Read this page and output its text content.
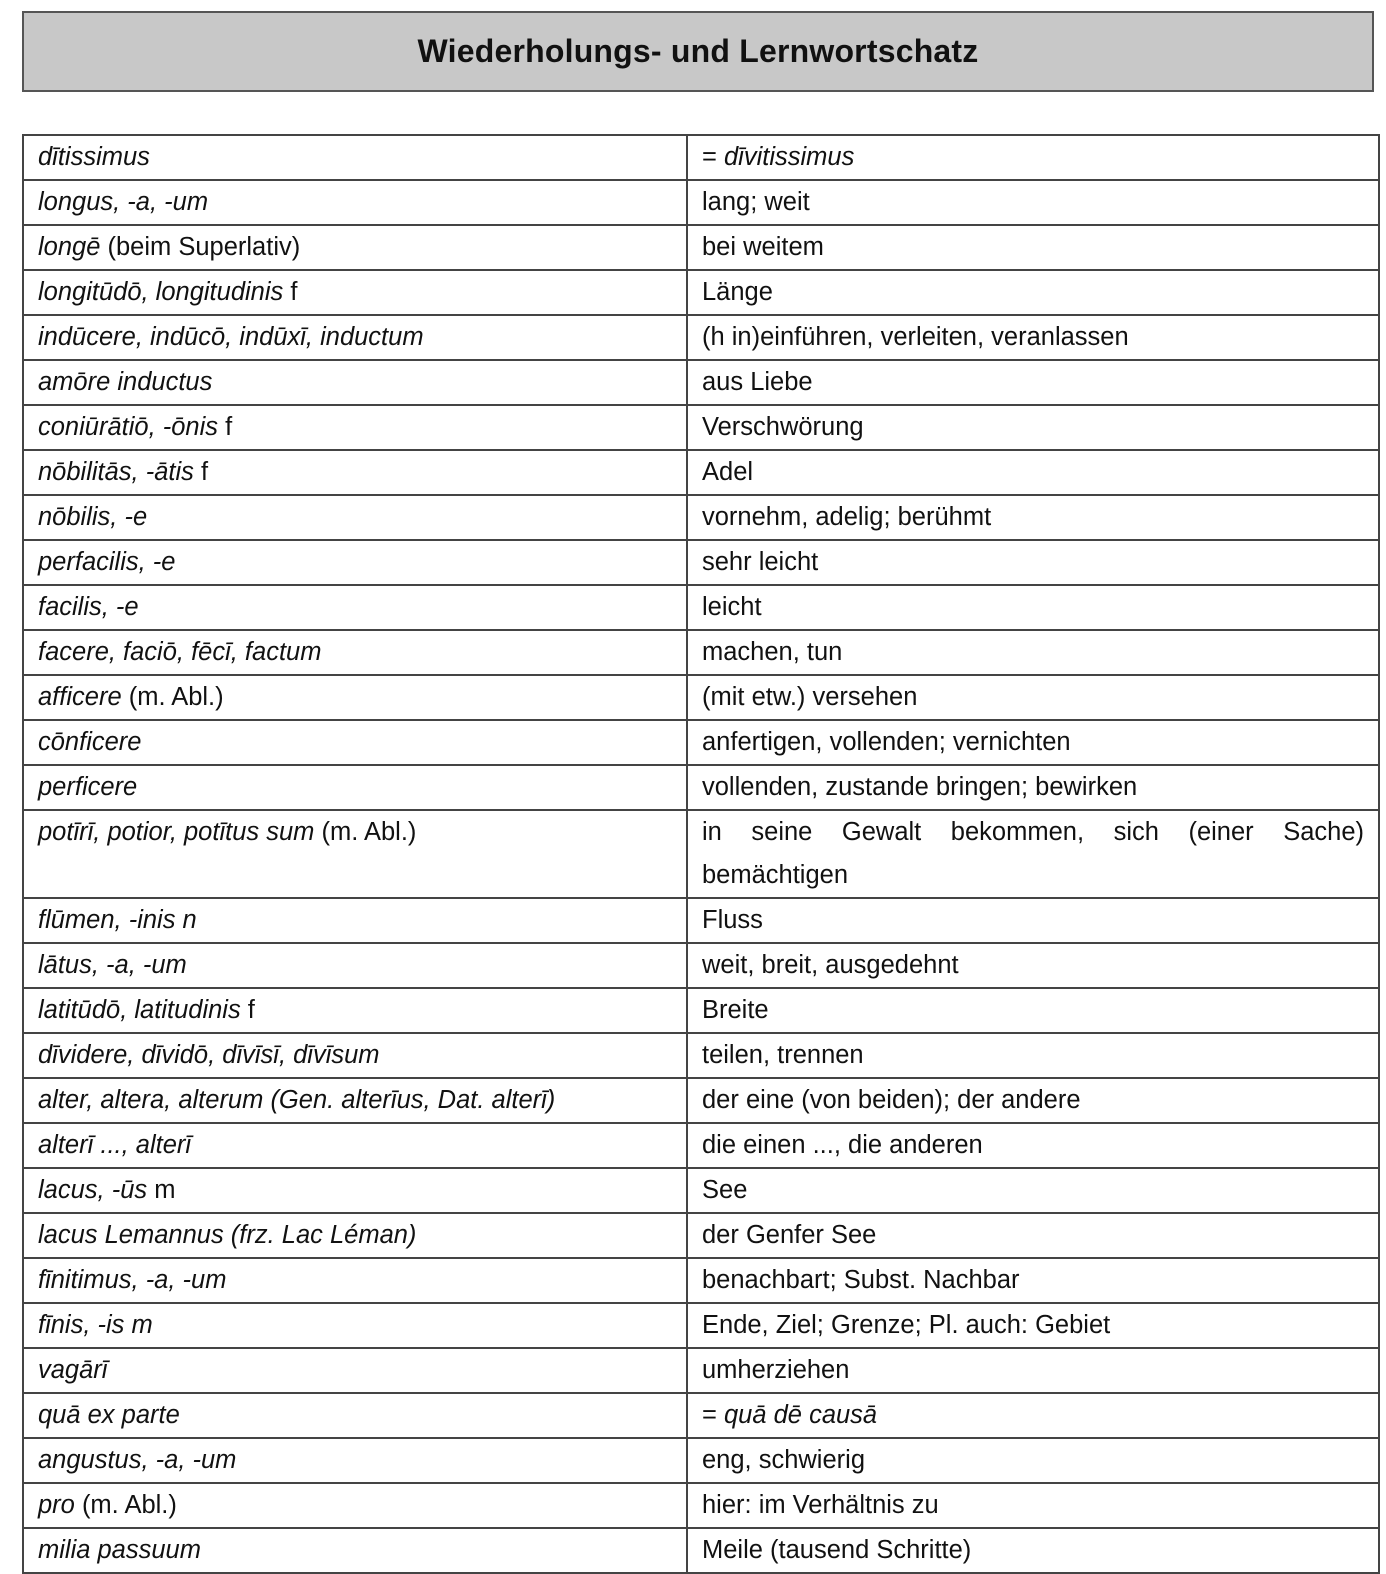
Wiederholungs- und Lernwortschatz
dītissimus	= dīvitissimus
longus, -a, -um	lang; weit
longē (beim Superlativ)	bei weitem
longitūdō, longitudinis f	Länge
indūcere, indūcō, indūxī, inductum	(h in)einführen, verleiten, veranlassen
amōre inductus	aus Liebe
coniūrātiō, -ōnis f	Verschwörung
nōbilitās, -ātis f	Adel
nōbilis, -e	vornehm, adelig; berühmt
perfacilis, -e	sehr leicht
facilis, -e	leicht
facere, faciō, fēcī, factum	machen, tun
afficere (m. Abl.)	(mit etw.) versehen
cōnficere	anfertigen, vollenden; vernichten
perficere	vollenden, zustande bringen; bewirken
potīrī, potior, potītus sum (m. Abl.)	in seine Gewalt bekommen, sich (einer Sache) bemächtigen
flūmen, -inis n	Fluss
lātus, -a, -um	weit, breit, ausgedehnt
latitūdō, latitudinis f	Breite
dīvidere, dīvidō, dīvīsī, dīvīsum	teilen, trennen
alter, altera, alterum (Gen. alterīus, Dat. alterī)	der eine (von beiden); der andere
alterī ..., alterī	die einen ..., die anderen
lacus, -ūs m	See
lacus Lemannus (frz. Lac Léman)	der Genfer See
fīnitimus, -a, -um	benachbart; Subst. Nachbar
fīnis, -is m	Ende, Ziel; Grenze; Pl. auch: Gebiet
vagārī	umherziehen
quā ex parte	= quā dē causā
angustus, -a, -um	eng, schwierig
pro (m. Abl.)	hier: im Verhältnis zu
milia passuum	Meile (tausend Schritte)
